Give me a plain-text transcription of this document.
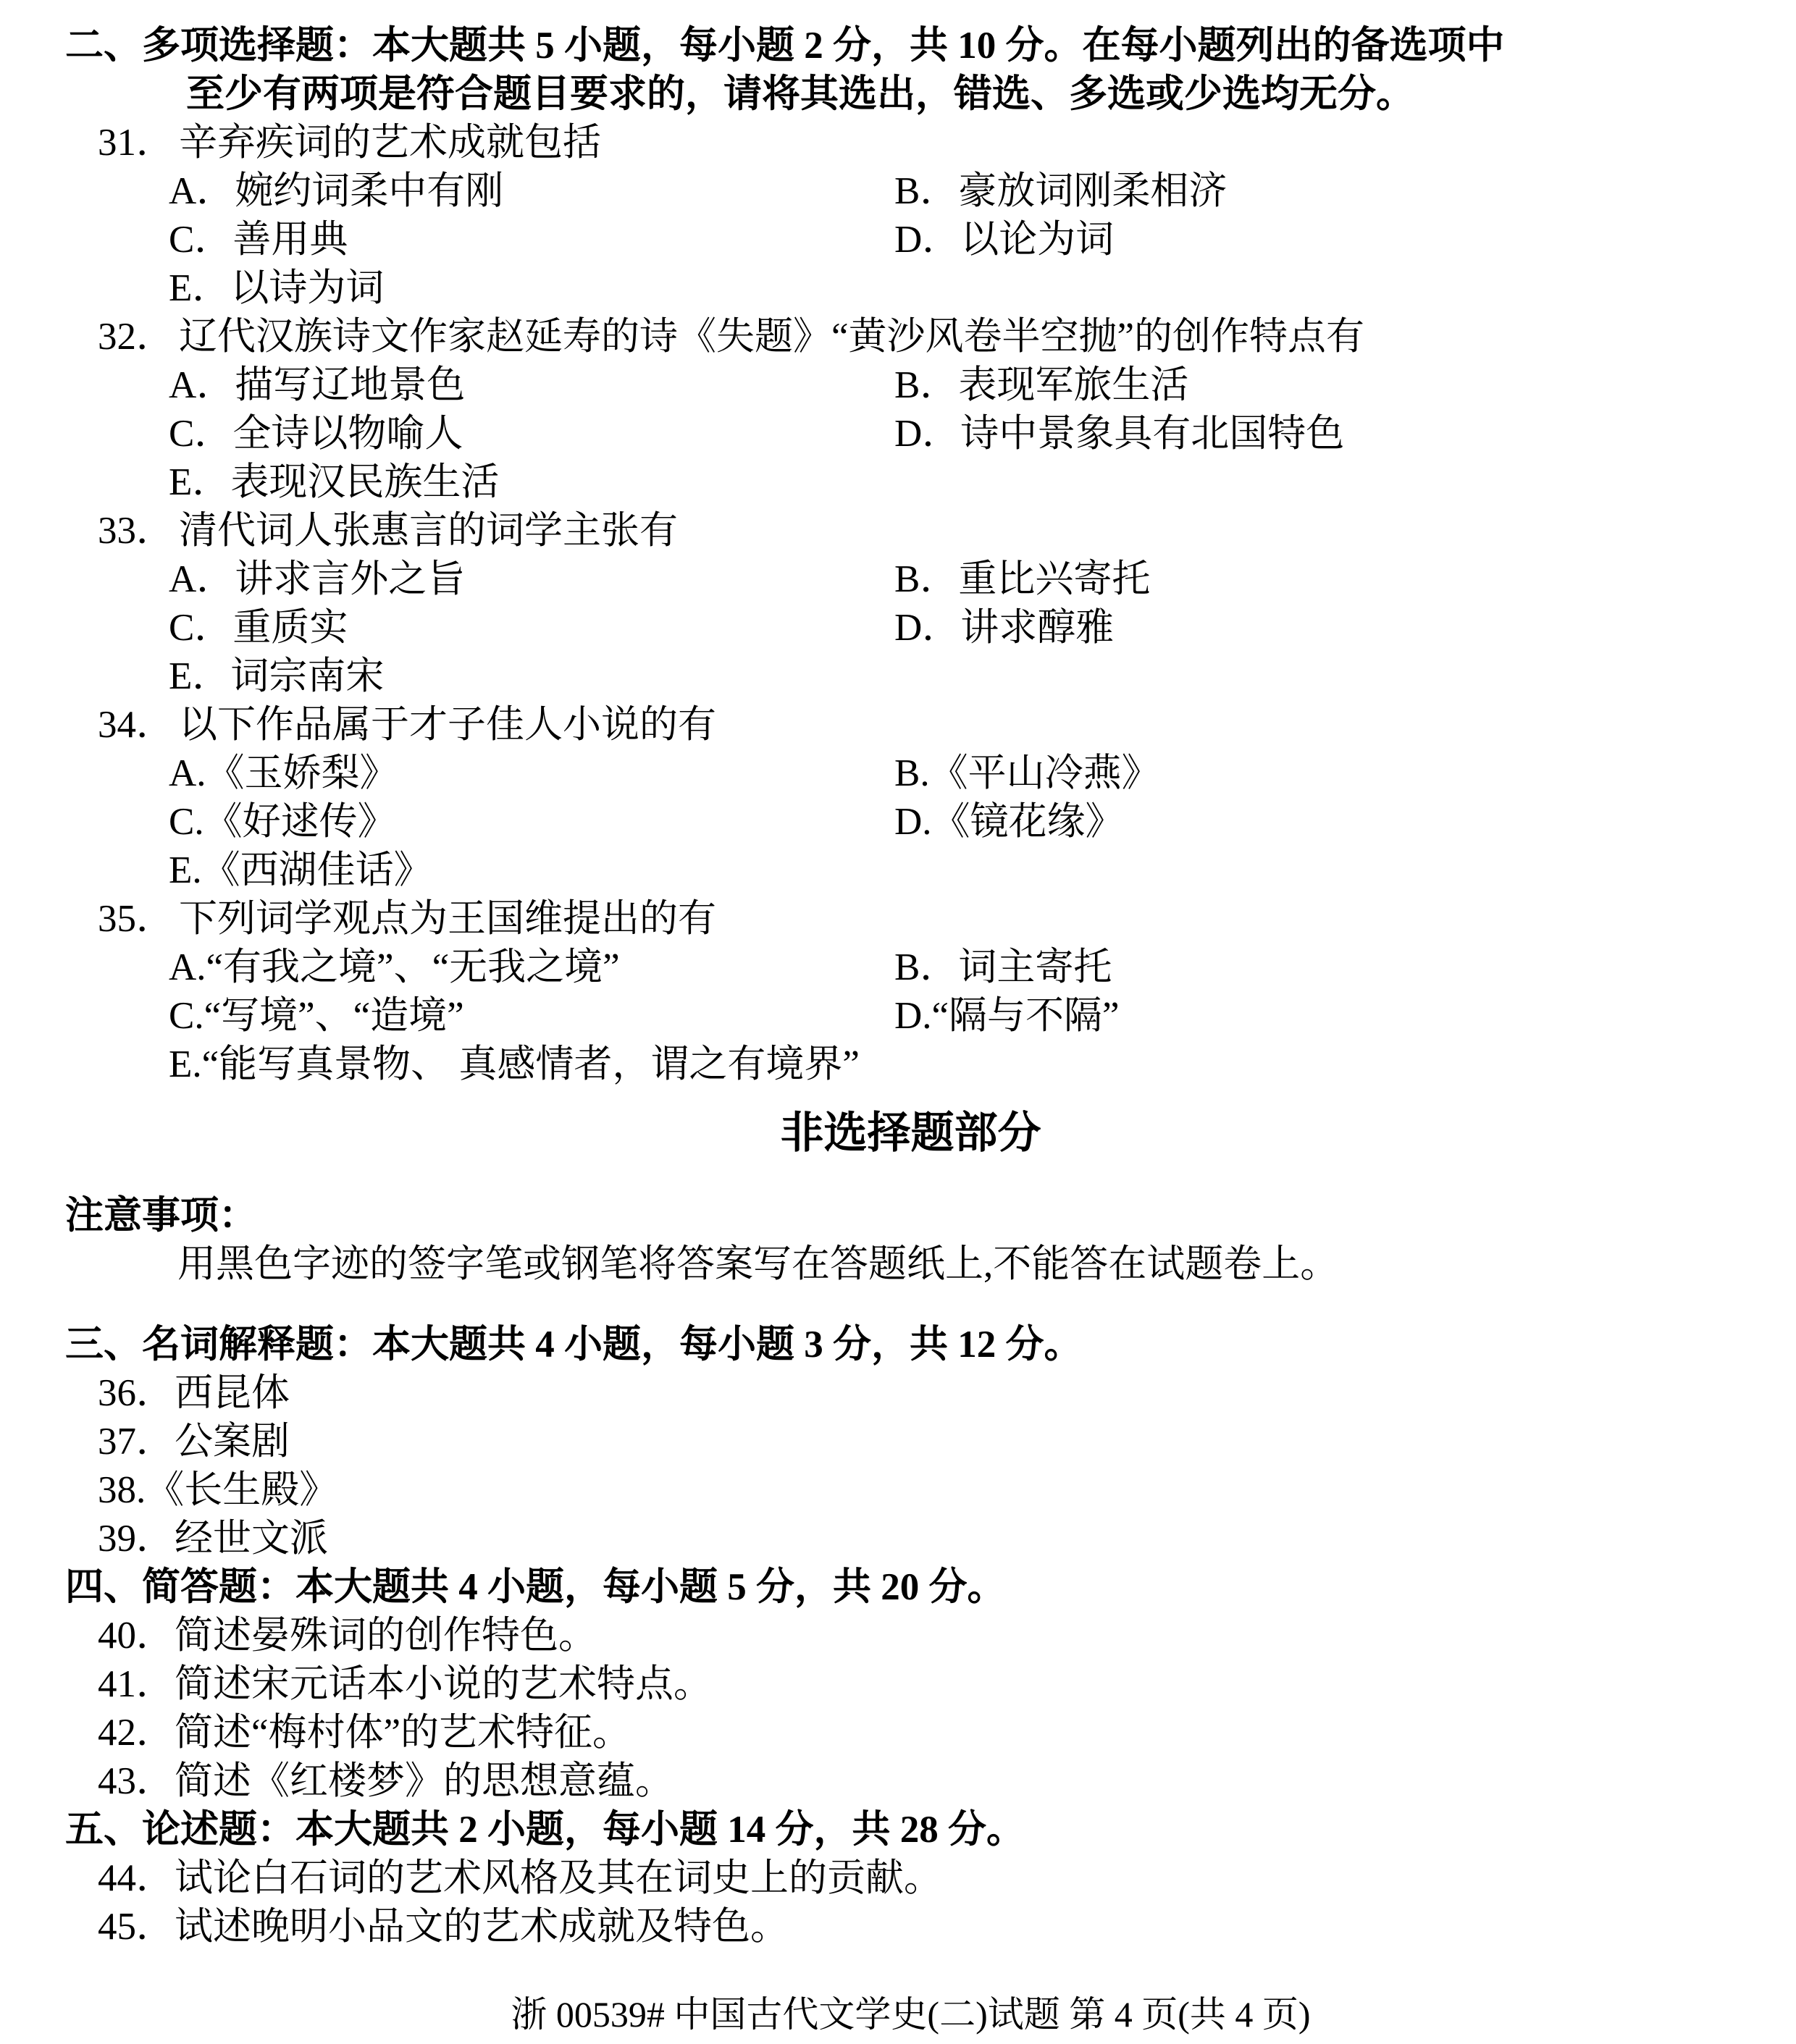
二、多项选择题：本大题共 5 小题，每小题 2 分，共 10 分。在每小题列出的备选项中
至少有两项是符合题目要求的，请将其选出，错选、多选或少选均无分。
31． 辛弃疾词的艺术成就包括
A．婉约词柔中有刚	B．豪放词刚柔相济
C．善用典	D．以论为词
E．以诗为词
32． 辽代汉族诗文作家赵延寿的诗《失题》“黄沙风卷半空抛”的创作特点有
A．描写辽地景色	B．表现军旅生活
C．全诗以物喻人	D．诗中景象具有北国特色
E．表现汉民族生活
33． 清代词人张惠言的词学主张有
A．讲求言外之旨	B．重比兴寄托
C．重质实	D．讲求醇雅
E．词宗南宋
34． 以下作品属于才子佳人小说的有
A.《玉娇梨》	B.《平山冷燕》
C.《好逑传》	D.《镜花缘》
E.《西湖佳话》
35． 下列词学观点为王国维提出的有
A.“有我之境”、“无我之境”	B．词主寄托
C.“写境”、“造境”	D.“隔与不隔”
E.“能写真景物、 真感情者，谓之有境界”
非选择题部分
注意事项：
用黑色字迹的签字笔或钢笔将答案写在答题纸上,不能答在试题卷上。
三、名词解释题：本大题共 4 小题，每小题 3 分，共 12 分。
36．西昆体
37．公案剧
38.《长生殿》
39．经世文派
四、简答题：本大题共 4 小题，每小题 5 分，共 20 分。
40．简述晏殊词的创作特色。
41．简述宋元话本小说的艺术特点。
42．简述“梅村体”的艺术特征。
43．简述《红楼梦》的思想意蕴。
五、论述题：本大题共 2 小题，每小题 14 分，共 28 分。
44．试论白石词的艺术风格及其在词史上的贡献。
45．试述晚明小品文的艺术成就及特色。
浙 00539# 中国古代文学史(二)试题 第 4 页(共 4 页)
